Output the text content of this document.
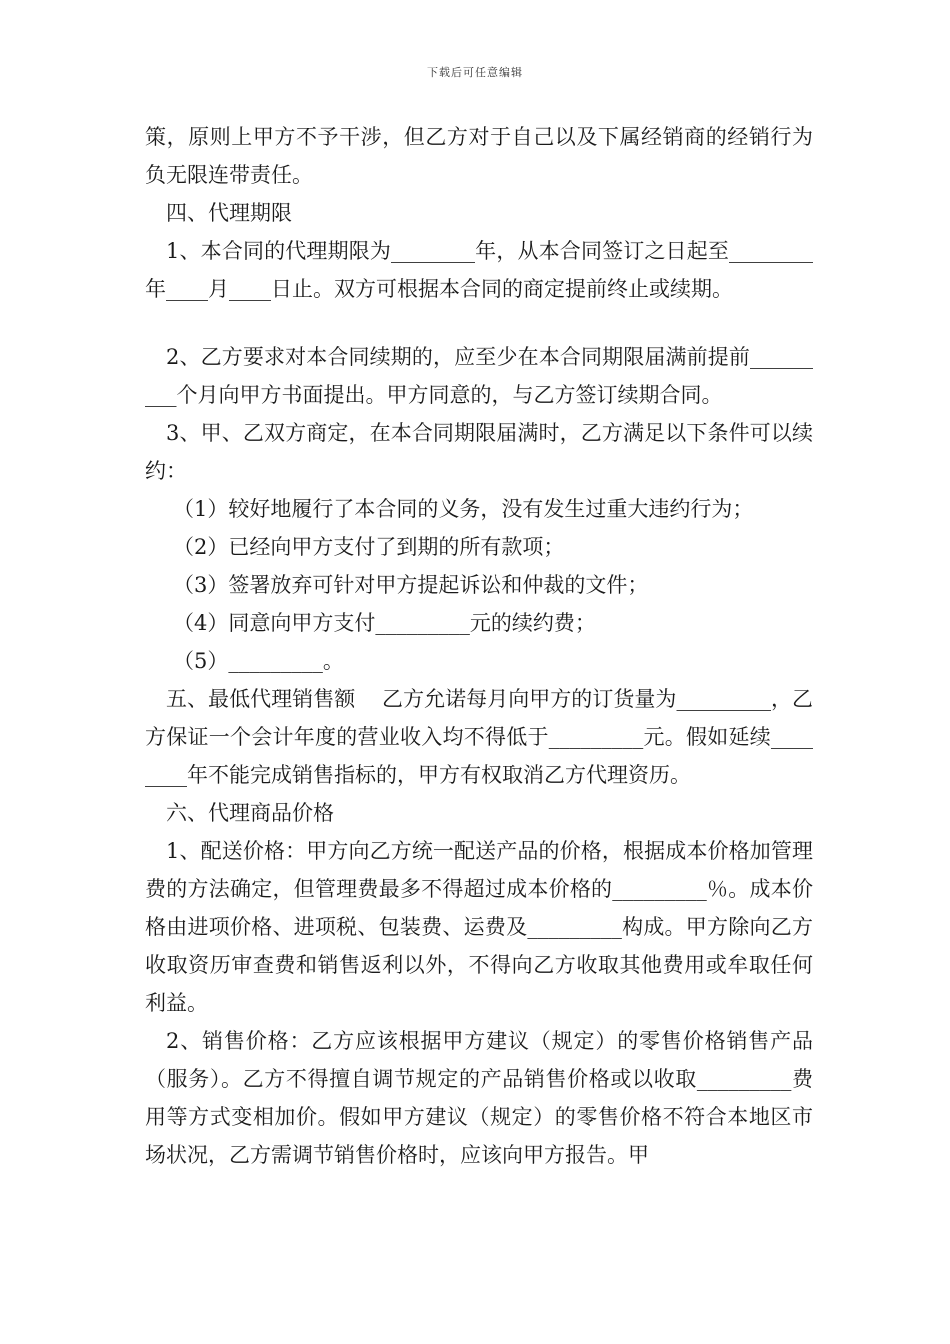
下载后可任意编辑

策，原则上甲方不予干涉，但乙方对于自己以及下属经销商的经销行为负无限连带责任。

四、代理期限

1、本合同的代理期限为________年，从本合同签订之日起至________年____月____日止。双方可根据本合同的商定提前终止或续期。

2、乙方要求对本合同续期的，应至少在本合同期限届满前提前_________个月向甲方书面提出。甲方同意的，与乙方签订续期合同。

3、甲、乙双方商定，在本合同期限届满时，乙方满足以下条件可以续约：

（1）较好地履行了本合同的义务，没有发生过重大违约行为；

（2）已经向甲方支付了到期的所有款项；

（3）签署放弃可针对甲方提起诉讼和仲裁的文件；

（4）同意向甲方支付_________元的续约费；

（5）_________。

五、最低代理销售额    乙方允诺每月向甲方的订货量为_________，乙方保证一个会计年度的营业收入均不得低于_________元。假如延续________年不能完成销售指标的，甲方有权取消乙方代理资历。

六、代理商品价格

1、配送价格：甲方向乙方统一配送产品的价格，根据成本价格加管理费的方法确定，但管理费最多不得超过成本价格的_________％。成本价格由进项价格、进项税、包装费、运费及_________构成。甲方除向乙方收取资历审查费和销售返利以外，不得向乙方收取其他费用或牟取任何利益。

2、销售价格：乙方应该根据甲方建议（规定）的零售价格销售产品（服务）。乙方不得擅自调节规定的产品销售价格或以收取_________费用等方式变相加价。假如甲方建议（规定）的零售价格不符合本地区市场状况，乙方需调节销售价格时，应该向甲方报告。甲
